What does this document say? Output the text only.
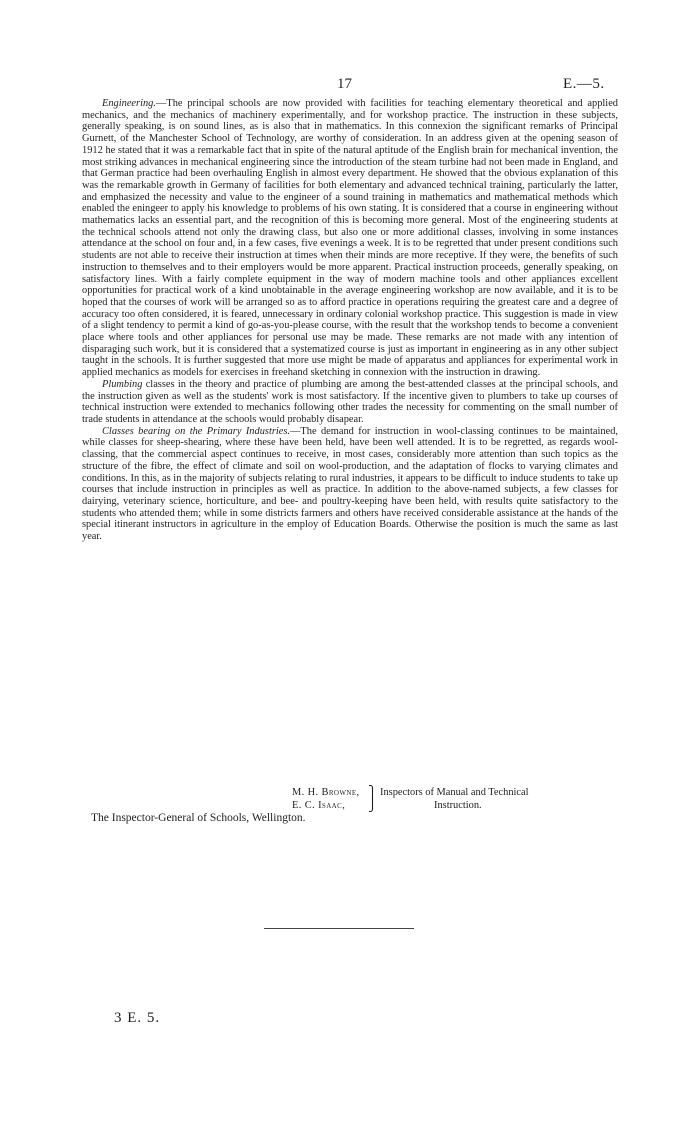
17	E.—5.

Engineering.—The principal schools are now provided with facilities for teaching elementary theoretical and applied mechanics, and the mechanics of machinery experimentally, and for workshop practice. The instruction in these subjects, generally speaking, is on sound lines, as is also that in mathematics. In this connexion the significant remarks of Principal Gurnett, of the Manchester School of Technology, are worthy of consideration. In an address given at the opening season of 1912 he stated that it was a remarkable fact that in spite of the natural aptitude of the English brain for mechanical invention, the most striking advances in mechanical engineering since the introduction of the steam turbine had not been made in England, and that German practice had been overhauling English in almost every department. He showed that the obvious explanation of this was the remarkable growth in Germany of facilities for both elementary and advanced technical training, particularly the latter, and emphasized the necessity and value to the engineer of a sound training in mathematics and mathematical methods which enabled the eningeer to apply his knowledge to problems of his own stating. It is considered that a course in engineering without mathematics lacks an essential part, and the recognition of this is becoming more general. Most of the engineering students at the technical schools attend not only the drawing class, but also one or more additional classes, involving in some instances attendance at the school on four and, in a few cases, five evenings a week. It is to be regretted that under present conditions such students are not able to receive their instruction at times when their minds are more receptive. If they were, the benefits of such instruction to themselves and to their employers would be more apparent. Practical instruction proceeds, generally speaking, on satisfactory lines. With a fairly complete equipment in the way of modern machine tools and other appliances excellent opportunities for practical work of a kind unobtainable in the average engineering workshop are now available, and it is to be hoped that the courses of work will be arranged so as to afford practice in operations requiring the greatest care and a degree of accuracy too often considered, it is feared, unnecessary in ordinary colonial workshop practice. This suggestion is made in view of a slight tendency to permit a kind of go-as-you-please course, with the result that the workshop tends to become a convenient place where tools and other appliances for personal use may be made. These remarks are not made with any intention of disparaging such work, but it is considered that a systematized course is just as important in engineering as in any other subject taught in the schools. It is further suggested that more use might be made of apparatus and appliances for experimental work in applied mechanics as models for exercises in freehand sketching in connexion with the instruction in drawing.

Plumbing classes in the theory and practice of plumbing are among the best-attended classes at the principal schools, and the instruction given as well as the students' work is most satisfactory. If the incentive given to plumbers to take up courses of technical instruction were extended to mechanics following other trades the necessity for commenting on the small number of trade students in attendance at the schools would probably disapear.

Classes bearing on the Primary Industries.—The demand for instruction in wool-classing continues to be maintained, while classes for sheep-shearing, where these have been held, have been well attended. It is to be regretted, as regards wool-classing, that the commercial aspect continues to receive, in most cases, considerably more attention than such topics as the structure of the fibre, the effect of climate and soil on wool-production, and the adaptation of flocks to varying climates and conditions. In this, as in the majority of subjects relating to rural industries, it appears to be difficult to induce students to take up courses that include instruction in principles as well as practice. In addition to the above-named subjects, a few classes for dairying, veterinary science, horticulture, and bee- and poultry-keeping have been held, with results quite satisfactory to the students who attended them; while in some districts farmers and others have received considerable assistance at the hands of the special itinerant instructors in agriculture in the employ of Education Boards. Otherwise the position is much the same as last year.

M. H. Browne, ⎫ Inspectors of Manual and Technical
E. C. Isaac,	⎭	Instruction.
The Inspector-General of Schools, Wellington.
3 E. 5.
